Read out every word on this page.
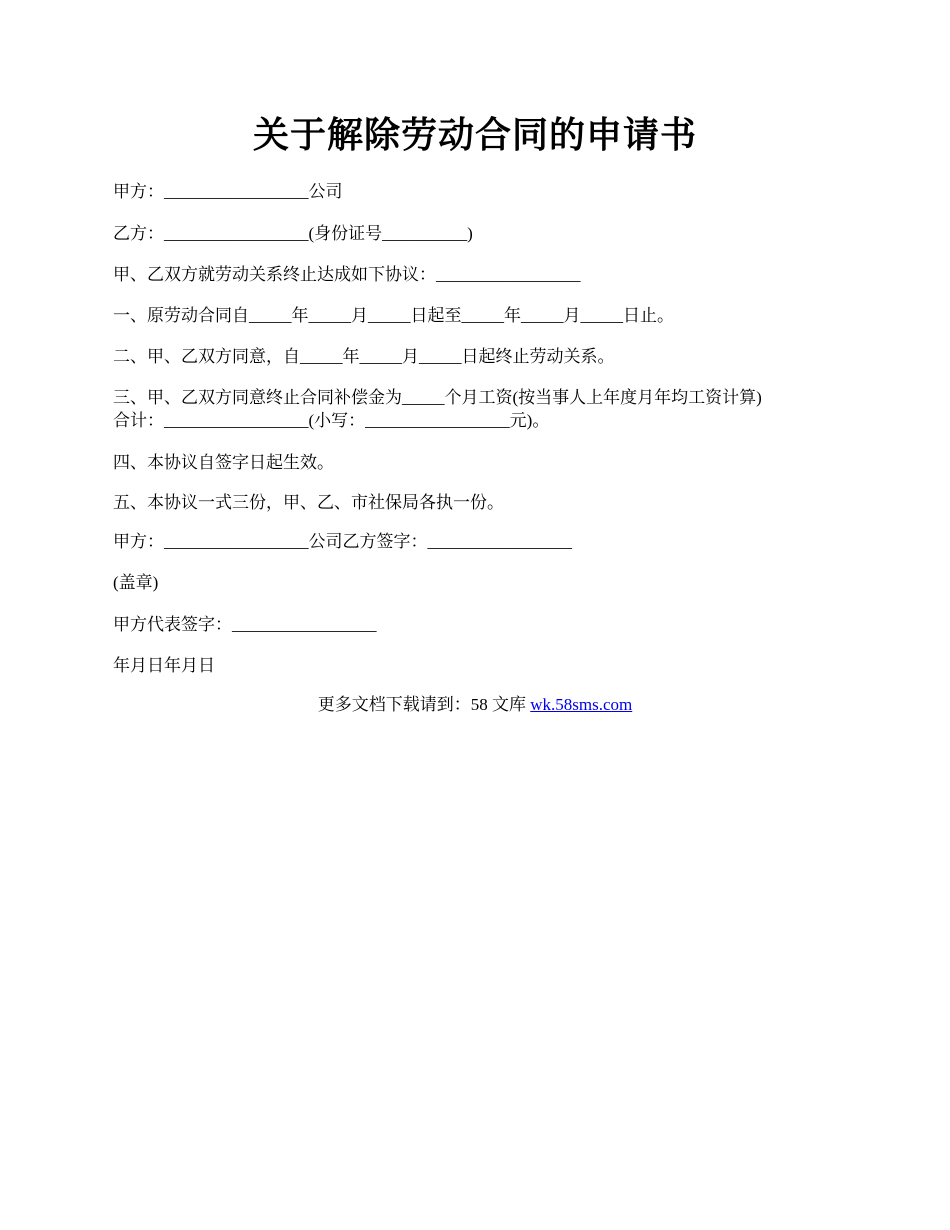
关于解除劳动合同的申请书
甲方：_________________公司
乙方：_________________(身份证号__________)
甲、乙双方就劳动关系终止达成如下协议：_________________
一、原劳动合同自_____年_____月_____日起至_____年_____月_____日止。
二、甲、乙双方同意，自_____年_____月_____日起终止劳动关系。
三、甲、乙双方同意终止合同补偿金为_____个月工资(按当事人上年度月年均工资计算)
合计：_________________(小写：_________________元)。
四、本协议自签字日起生效。
五、本协议一式三份，甲、乙、市社保局各执一份。
甲方：_________________公司乙方签字：_________________
(盖章)
甲方代表签字：_________________
年月日年月日
更多文档下载请到：58 文库 wk.58sms.com
